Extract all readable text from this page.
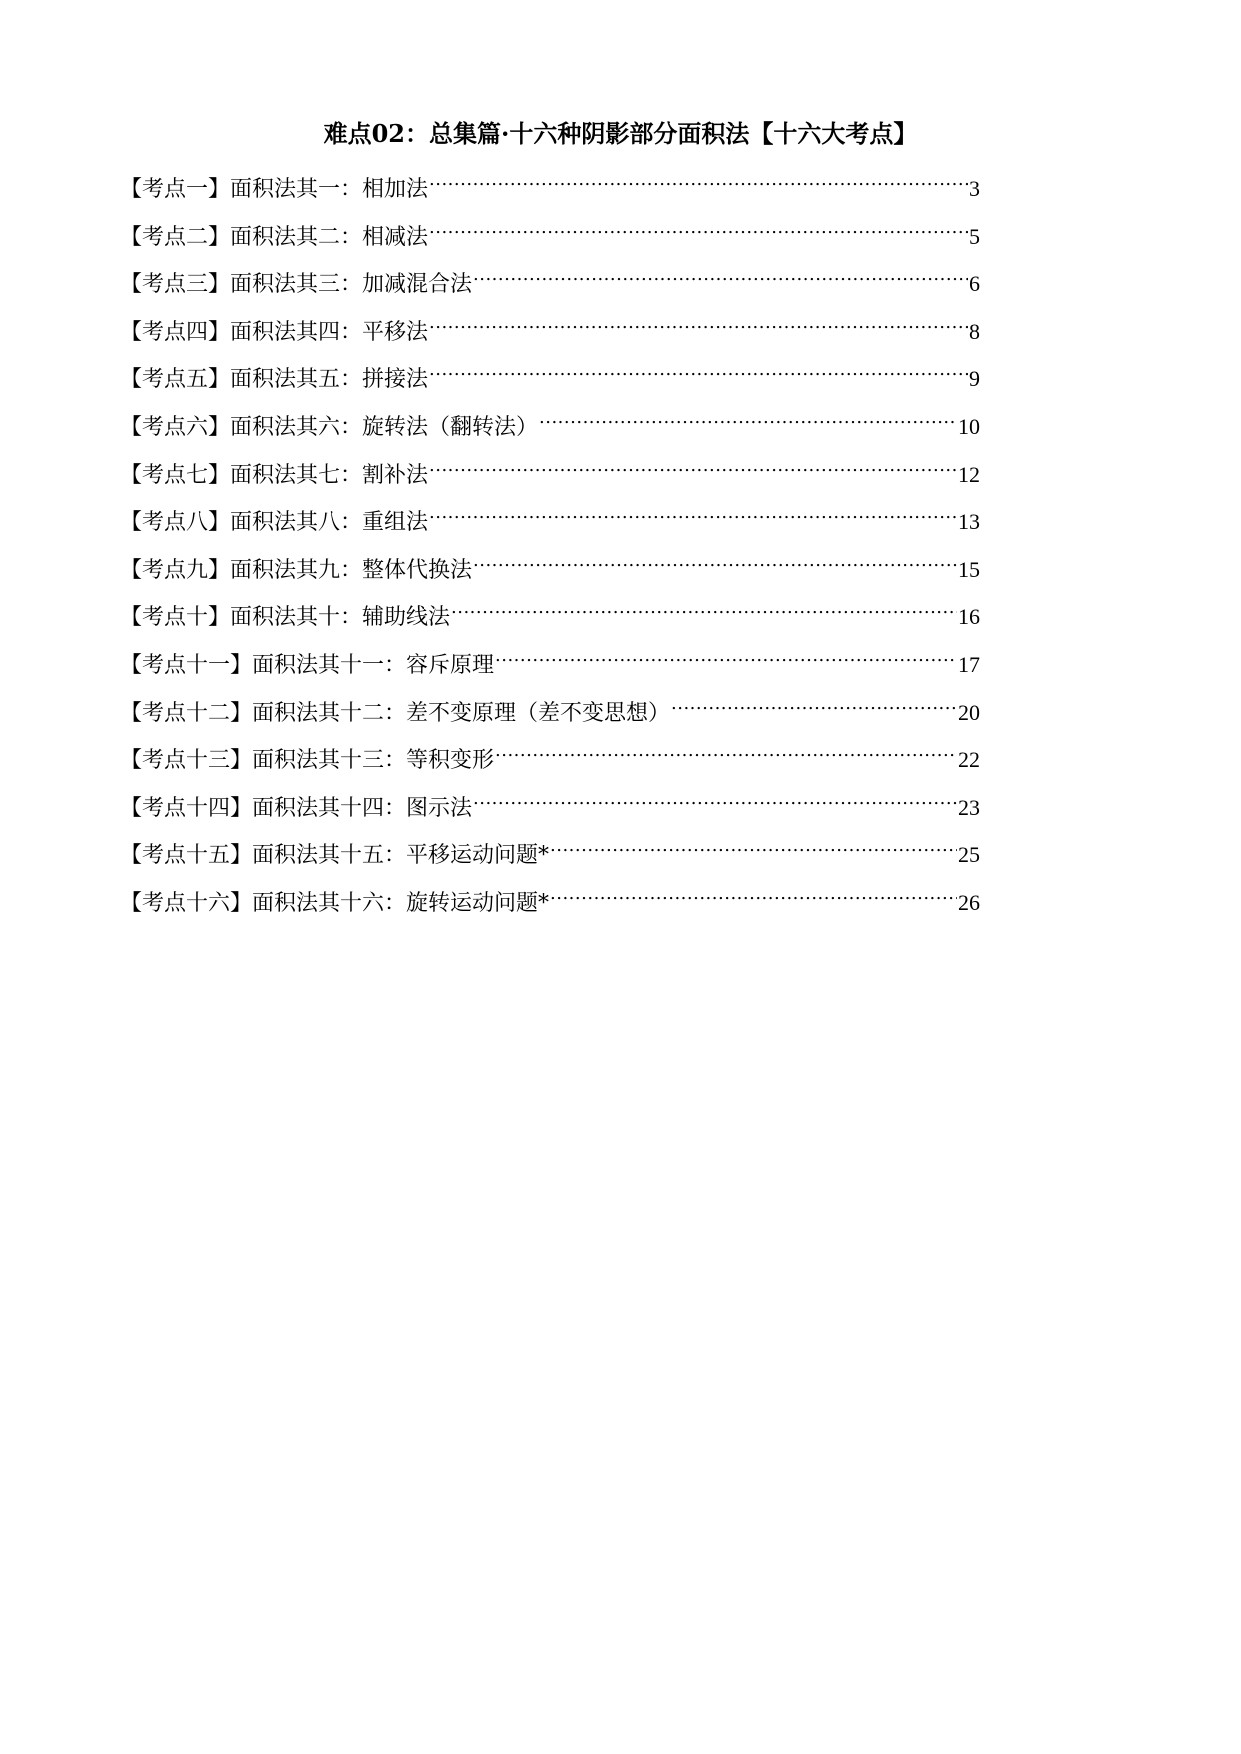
难点02：总集篇·十六种阴影部分面积法【十六大考点】
【考点一】面积法其一：相加法 .....	3
【考点二】面积法其二：相减法 .....	5
【考点三】面积法其三：加减混合法 .....	6
【考点四】面积法其四：平移法 .....	8
【考点五】面积法其五：拼接法 .....	9
【考点六】面积法其六：旋转法（翻转法） .....	10
【考点七】面积法其七：割补法 .....	12
【考点八】面积法其八：重组法 .....	13
【考点九】面积法其九：整体代换法 .....	15
【考点十】面积法其十：辅助线法 .....	16
【考点十一】面积法其十一：容斥原理 .....	17
【考点十二】面积法其十二：差不变原理（差不变思想） .....	20
【考点十三】面积法其十三：等积变形 .....	22
【考点十四】面积法其十四：图示法 .....	23
【考点十五】面积法其十五：平移运动问题* .....	25
【考点十六】面积法其十六：旋转运动问题* .....	26
